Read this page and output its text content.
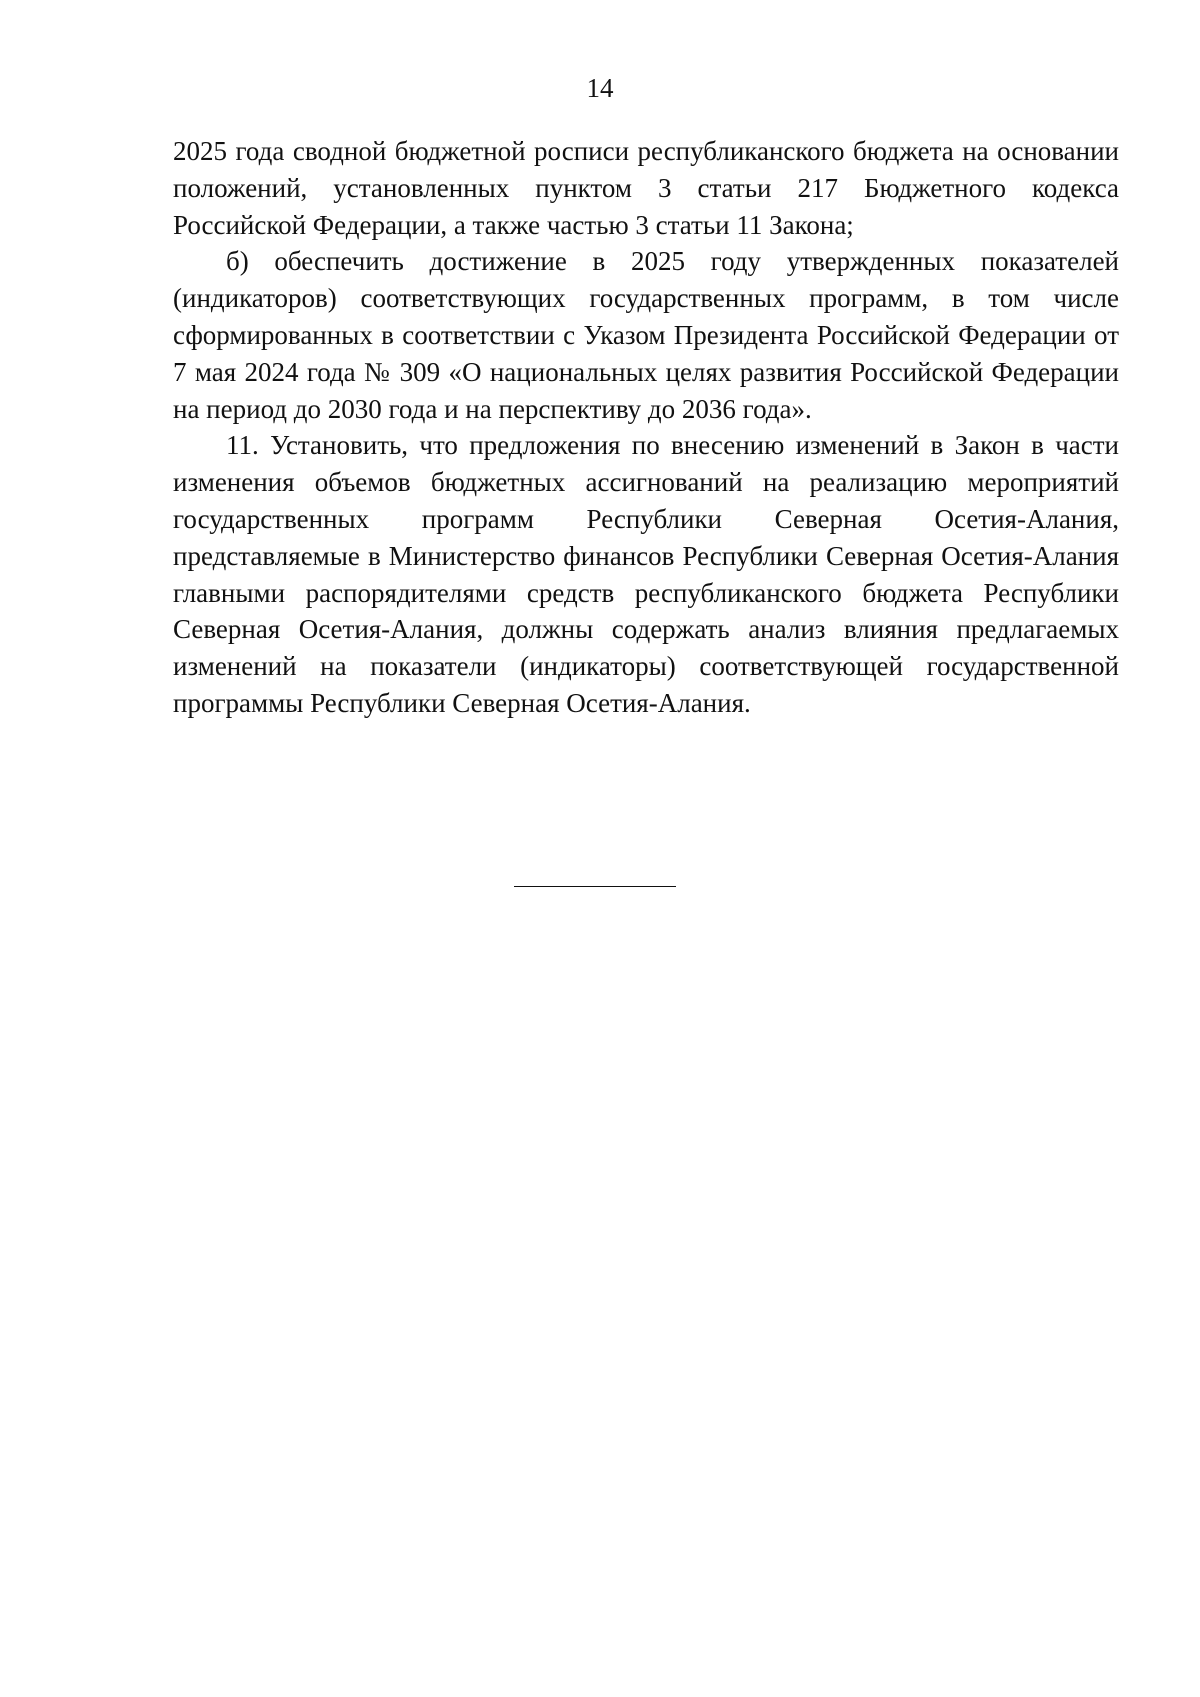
14

2025 года сводной бюджетной росписи республиканского бюджета на основании положений, установленных пунктом 3 статьи 217 Бюджетного кодекса Российской Федерации, а также частью 3 статьи 11 Закона;

б) обеспечить достижение в 2025 году утвержденных показателей (индикаторов) соответствующих государственных программ, в том числе сформированных в соответствии с Указом Президента Российской Федерации от 7 мая 2024 года № 309 «О национальных целях развития Российской Федерации на период до 2030 года и на перспективу до 2036 года».

11. Установить, что предложения по внесению изменений в Закон в части изменения объемов бюджетных ассигнований на реализацию мероприятий государственных программ Республики Северная Осетия-Алания, представляемые в Министерство финансов Республики Северная Осетия-Алания главными распорядителями средств республиканского бюджета Республики Северная Осетия-Алания, должны содержать анализ влияния предлагаемых изменений на показатели (индикаторы) соответствующей государственной программы Республики Северная Осетия-Алания.
